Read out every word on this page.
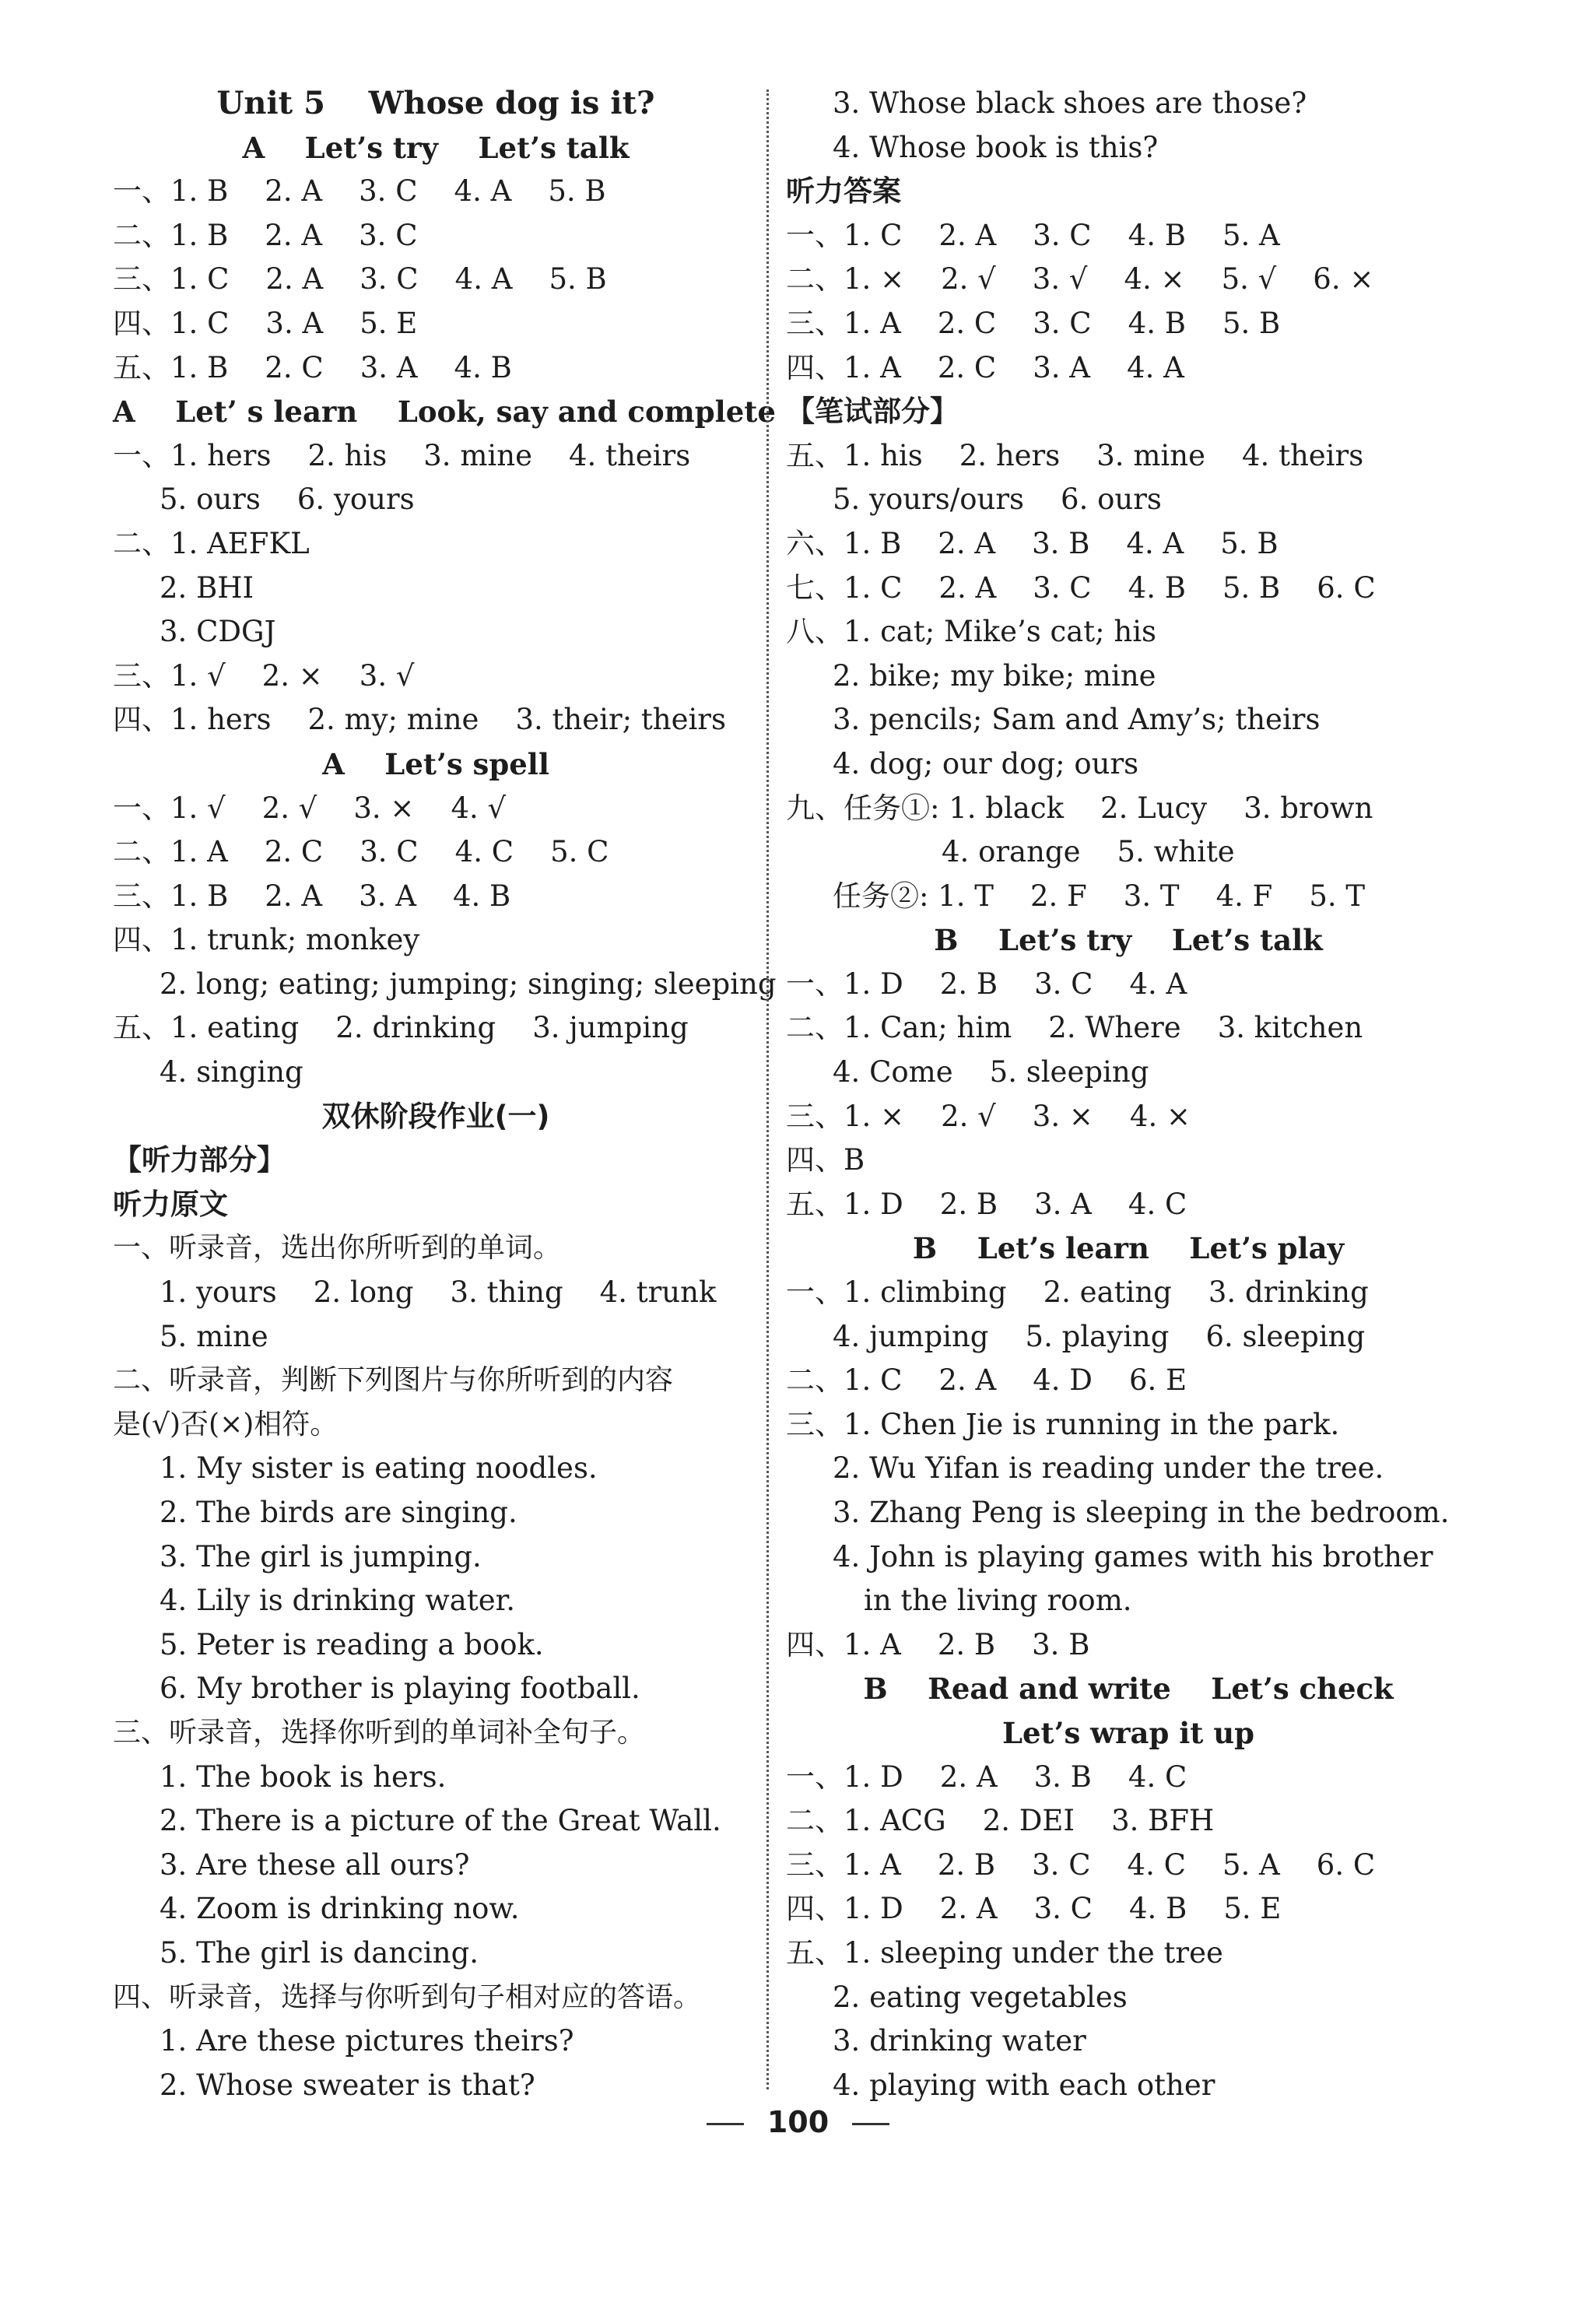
Unit 5    Whose dog is it?
A    Let’s try    Let’s talk
一、1. B    2. A    3. C    4. A    5. B
二、1. B    2. A    3. C
三、1. C    2. A    3. C    4. A    5. B
四、1. C    3. A    5. E
五、1. B    2. C    3. A    4. B
A    Let’ s learn    Look, say and complete
一、1. hers    2. his    3. mine    4. theirs
5. ours    6. yours
二、1. AEFKL
2. BHI
3. CDGJ
三、1. √    2. ×    3. √
四、1. hers    2. my; mine    3. their; theirs
A    Let’s spell
一、1. √    2. √    3. ×    4. √
二、1. A    2. C    3. C    4. C    5. C
三、1. B    2. A    3. A    4. B
四、1. trunk; monkey
2. long; eating; jumping; singing; sleeping
五、1. eating    2. drinking    3. jumping
4. singing
双休阶段作业(一)
【听力部分】
听力原文
一、听录音，选出你所听到的单词。
1. yours    2. long    3. thing    4. trunk
5. mine
二、听录音，判断下列图片与你所听到的内容
是(√)否(×)相符。
1. My sister is eating noodles.
2. The birds are singing.
3. The girl is jumping.
4. Lily is drinking water.
5. Peter is reading a book.
6. My brother is playing football.
三、听录音，选择你听到的单词补全句子。
1. The book is hers.
2. There is a picture of the Great Wall.
3. Are these all ours?
4. Zoom is drinking now.
5. The girl is dancing.
四、听录音，选择与你听到句子相对应的答语。
1. Are these pictures theirs?
2. Whose sweater is that?
3. Whose black shoes are those?
4. Whose book is this?
听力答案
一、1. C    2. A    3. C    4. B    5. A
二、1. ×    2. √    3. √    4. ×    5. √    6. ×
三、1. A    2. C    3. C    4. B    5. B
四、1. A    2. C    3. A    4. A
【笔试部分】
五、1. his    2. hers    3. mine    4. theirs
5. yours/ours    6. ours
六、1. B    2. A    3. B    4. A    5. B
七、1. C    2. A    3. C    4. B    5. B    6. C
八、1. cat; Mike’s cat; his
2. bike; my bike; mine
3. pencils; Sam and Amy’s; theirs
4. dog; our dog; ours
九、任务①: 1. black    2. Lucy    3. brown
4. orange    5. white
任务②: 1. T    2. F    3. T    4. F    5. T
B    Let’s try    Let’s talk
一、1. D    2. B    3. C    4. A
二、1. Can; him    2. Where    3. kitchen
4. Come    5. sleeping
三、1. ×    2. √    3. ×    4. ×
四、B
五、1. D    2. B    3. A    4. C
B    Let’s learn    Let’s play
一、1. climbing    2. eating    3. drinking
4. jumping    5. playing    6. sleeping
二、1. C    2. A    4. D    6. E
三、1. Chen Jie is running in the park.
2. Wu Yifan is reading under the tree.
3. Zhang Peng is sleeping in the bedroom.
4. John is playing games with his brother
in the living room.
四、1. A    2. B    3. B
B    Read and write    Let’s check
Let’s wrap it up
一、1. D    2. A    3. B    4. C
二、1. ACG    2. DEI    3. BFH
三、1. A    2. B    3. C    4. C    5. A    6. C
四、1. D    2. A    3. C    4. B    5. E
五、1. sleeping under the tree
2. eating vegetables
3. drinking water
4. playing with each other
100
